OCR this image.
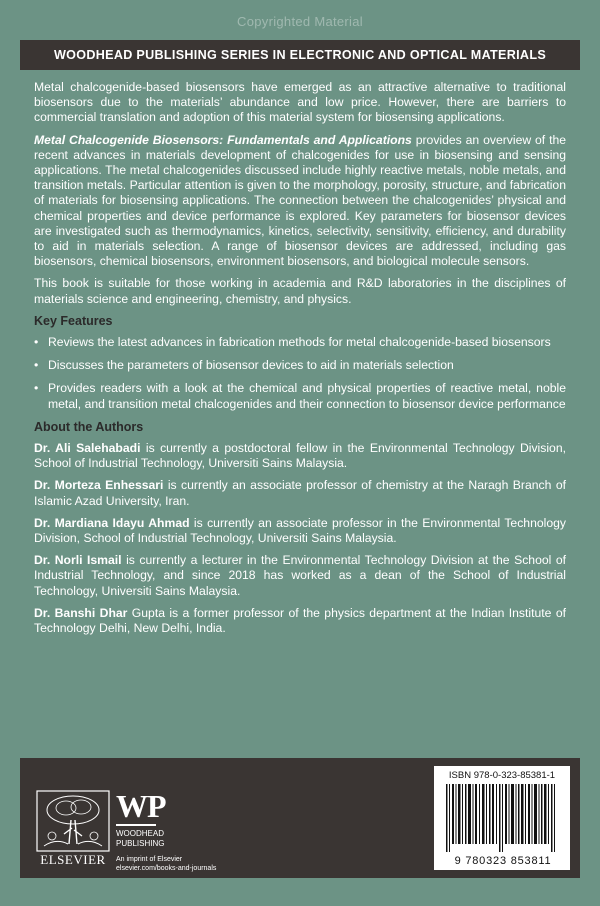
Copyrighted Material
WOODHEAD PUBLISHING SERIES IN ELECTRONIC AND OPTICAL MATERIALS

Metal chalcogenide-based biosensors have emerged as an attractive alternative to traditional biosensors due to the materials’ abundance and low price. However, there are barriers to commercial translation and adoption of this material system for biosensing applications.

Metal Chalcogenide Biosensors: Fundamentals and Applications provides an overview of the recent advances in materials development of chalcogenides for use in biosensing and sensing applications. The metal chalcogenides discussed include highly reactive metals, noble metals, and transition metals. Particular attention is given to the morphology, porosity, structure, and fabrication of materials for biosensing applications. The connection between the chalcogenides’ physical and chemical properties and device performance is explored. Key parameters for biosensor devices are investigated such as thermodynamics, kinetics, selectivity, sensitivity, efficiency, and durability to aid in materials selection. A range of biosensor devices are addressed, including gas biosensors, chemical biosensors, environment biosensors, and biological molecule sensors.

This book is suitable for those working in academia and R&D laboratories in the disciplines of materials science and engineering, chemistry, and physics.

Key Features
• Reviews the latest advances in fabrication methods for metal chalcogenide-based biosensors
• Discusses the parameters of biosensor devices to aid in materials selection
• Provides readers with a look at the chemical and physical properties of reactive metal, noble metal, and transition metal chalcogenides and their connection to biosensor device performance
About the Authors

Dr. Ali Salehabadi is currently a postdoctoral fellow in the Environmental Technology Division, School of Industrial Technology, Universiti Sains Malaysia.

Dr. Morteza Enhessari is currently an associate professor of chemistry at the Naragh Branch of Islamic Azad University, Iran.

Dr. Mardiana Idayu Ahmad is currently an associate professor in the Environmental Technology Division, School of Industrial Technology, Universiti Sains Malaysia.

Dr. Norli Ismail is currently a lecturer in the Environmental Technology Division at the School of Industrial Technology, and since 2018 has worked as a dean of the School of Industrial Technology, Universiti Sains Malaysia.

Dr. Banshi Dhar Gupta is a former professor of the physics department at the Indian Institute of Technology Delhi, New Delhi, India.

ELSEVIER
WP
WOODHEAD
PUBLISHING
An imprint of Elsevier
elsevier.com/books-and-journals
ISBN 978-0-323-85381-1
9 780323 853811
